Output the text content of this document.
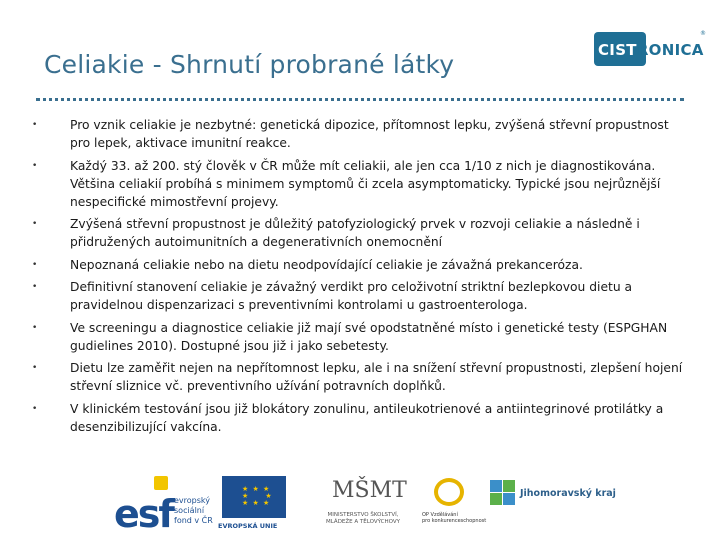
Celiakie - Shrnutí probrané látky	CISTRONICA
®
•	Pro vznik celiakie je nezbytné: genetická dipozice, přítomnost lepku, zvýšená střevní propustnost pro lepek, aktivace imunitní reakce.
•	Každý 33. až 200. stý člověk v ČR může mít celiakii, ale jen cca 1/10 z nich je diagnostikována. Většina celiakií probíhá s minimem symptomů či zcela asymptomaticky. Typické jsou nejrůznější nespecifické mimostřevní projevy.
•	Zvýšená střevní propustnost je důležitý patofyziologický prvek v rozvoji celiakie a následně i přidružených autoimunitních a degenerativních onemocnění
•	Nepoznaná celiakie nebo na dietu neodpovídající celiakie je závažná prekanceróza.
•	Definitivní stanovení celiakie je závažný verdikt pro celoživotní striktní bezlepkovou dietu a pravidelnou dispenzarizaci s preventivními kontrolami u gastroenterologa.
•	Ve screeningu a diagnostice celiakie již mají své opodstatněné místo i genetické testy (ESPGHAN gudielines 2010). Dostupné jsou již i jako sebetesty.
•	Dietu lze zaměřit nejen na nepřítomnost lepku, ale i na snížení střevní propustnosti, zlepšení hojení střevní sliznice vč. preventivního užívání potravních doplňků.
•	V klinickém testování jsou již blokátory zonulinu, antileukotrienové a antiintegrinové protilátky a desenzibilizující vakcína.
esf evropský
sociální
fond v ČR
★ ★ ★
★     ★
★ ★ ★
EVROPSKÁ UNIE
MŠMT
MINISTERSTVO ŠKOLSTVÍ,
MLÁDEŽE A TĚLOVÝCHOVY
OP Vzdělávání
pro konkurenceschopnost
Jihomoravský kraj
